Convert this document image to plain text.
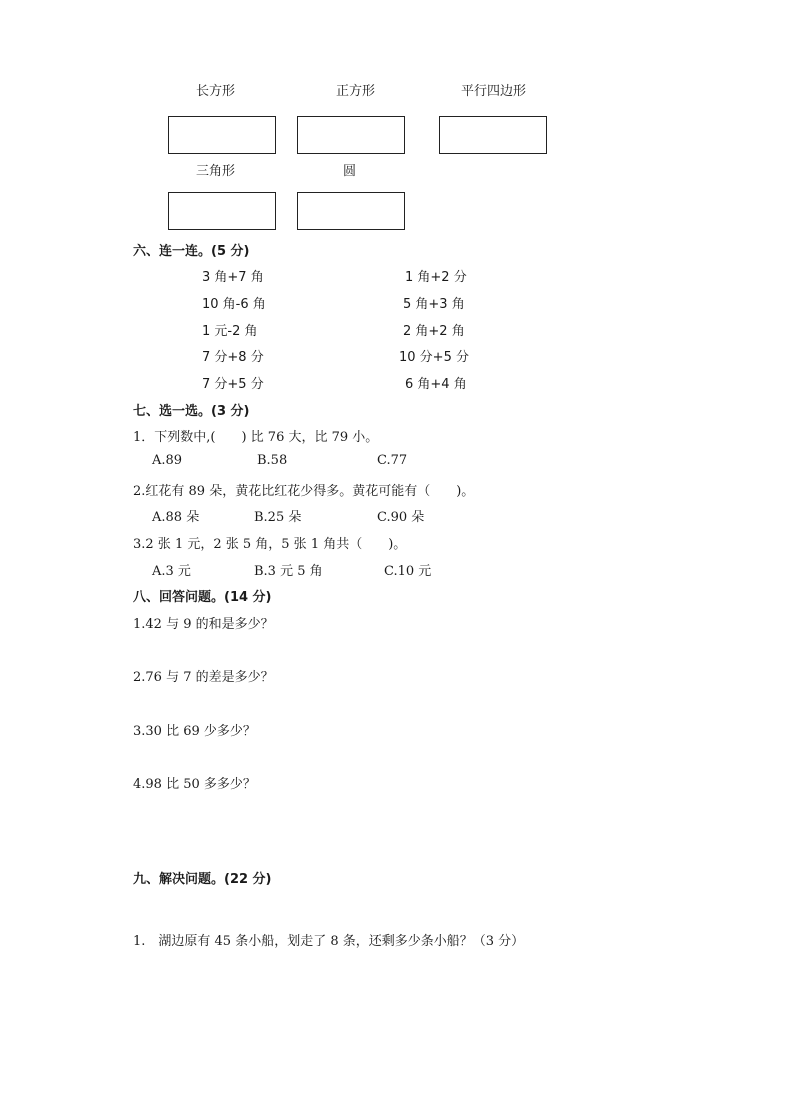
长方形	正方形	平行四边形
三角形	圆
六、连一连。(5 分)
3 角+7 角
10 角-6 角
1 元-2 角
7 分+8 分
7 分+5 分
1 角+2 分
5 角+3 角
2 角+2 角
10 分+5 分
6 角+4 角
七、选一选。(3 分)
1．下列数中,(　　) 比 76 大，比 79 小。
A.89	B.58	C.77
2.红花有 89 朵，黄花比红花少得多。黄花可能有（　　)。
A.88 朵	B.25 朵	C.90 朵
3.2 张 1 元，2 张 5 角，5 张 1 角共（　　)。
A.3 元	B.3 元 5 角	C.10 元
八、回答问题。(14 分)
1.42 与 9 的和是多少？
2.76 与 7 的差是多少？
3.30 比 69 少多少？
4.98 比 50 多多少？
九、解决问题。(22 分)
1.　湖边原有 45 条小船，划走了 8 条，还剩多少条小船？（3 分）
